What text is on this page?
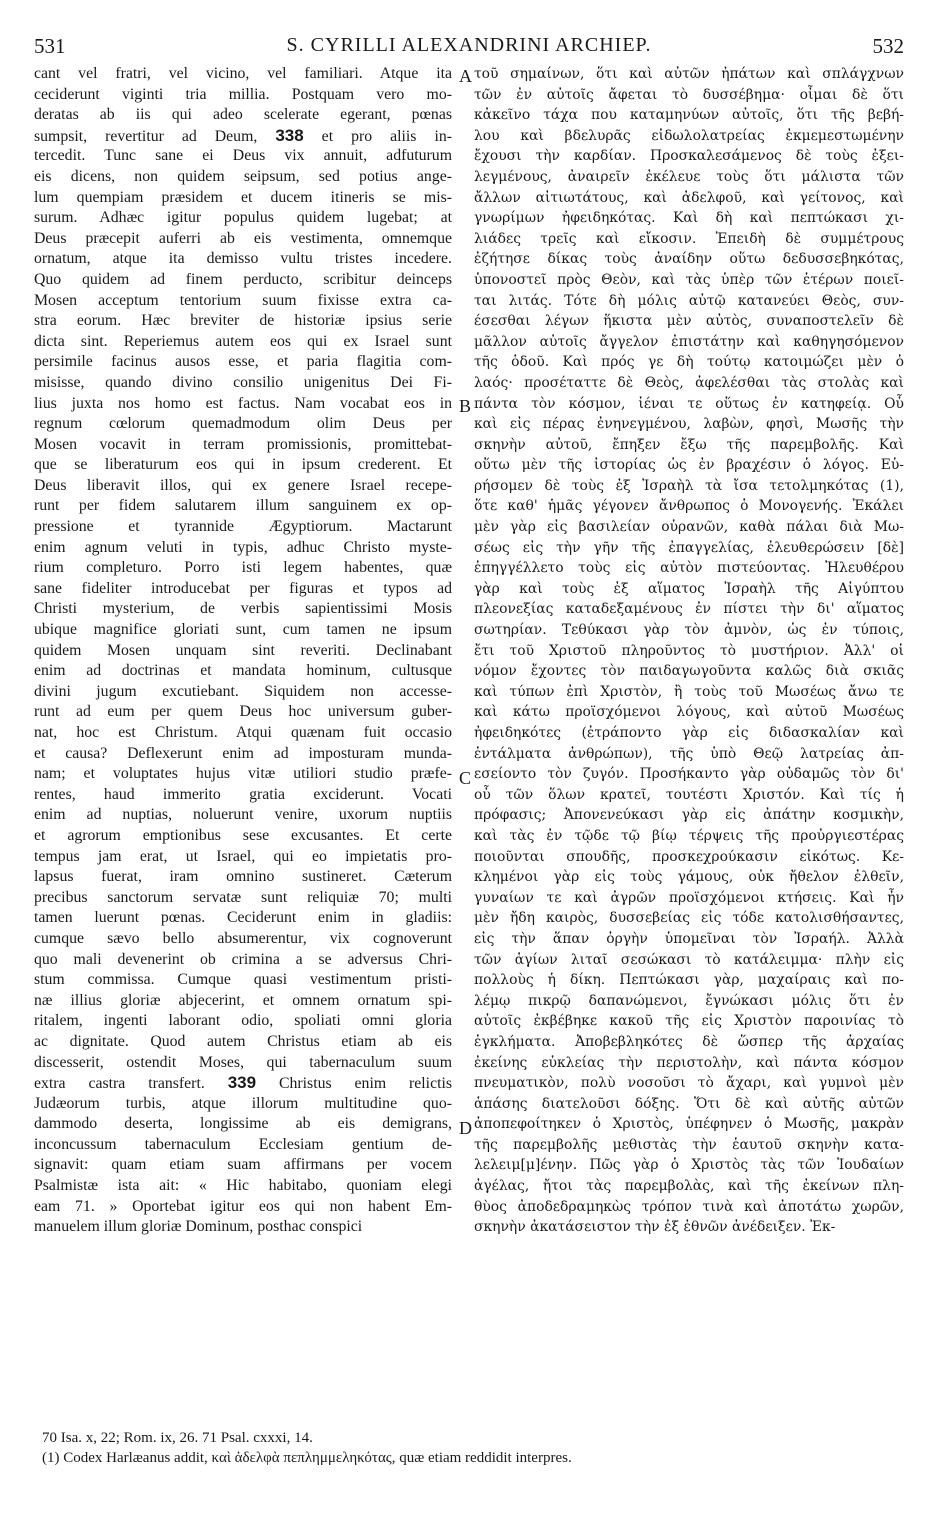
531	S. CYRILLI ALEXANDRINI ARCHIEP.	532
cant vel fratri, vel vicino, vel familiari. Atque ita
ceciderunt viginti tria millia. Postquam vero mo-
deratas ab iis qui adeo scelerate egerant, pœnas
sumpsit, revertitur ad Deum, 338 et pro aliis in-
tercedit. Tunc sane ei Deus vix annuit, adfuturum
eis dicens, non quidem seipsum, sed potius ange-
lum quempiam præsidem et ducem itineris se mis-
surum. Adhæc igitur populus quidem lugebat; at
Deus præcepit auferri ab eis vestimenta, omnemque
ornatum, atque ita demisso vultu tristes incedere.
Quo quidem ad finem perducto, scribitur deinceps
Mosen acceptum tentorium suum fixisse extra ca-
stra eorum. Hæc breviter de historiæ ipsius serie
dicta sint. Reperiemus autem eos qui ex Israel sunt
persimile facinus ausos esse, et paria flagitia com-
misisse, quando divino consilio unigenitus Dei Fi-
lius juxta nos homo est factus. Nam vocabat eos in
regnum cœlorum quemadmodum olim Deus per
Mosen vocavit in terram promissionis, promittebat-
que se liberaturum eos qui in ipsum crederent. Et
Deus liberavit illos, qui ex genere Israel recepe-
runt per fidem salutarem illum sanguinem ex op-
pressione et tyrannide Ægyptiorum. Mactarunt
enim agnum veluti in typis, adhuc Christo myste-
rium completuro. Porro isti legem habentes, quæ
sane fideliter introducebat per figuras et typos ad
Christi mysterium, de verbis sapientissimi Mosis
ubique magnifice gloriati sunt, cum tamen ne ipsum
quidem Mosen unquam sint reveriti. Declinabant
enim ad doctrinas et mandata hominum, cultusque
divini jugum excutiebant. Siquidem non accesse-
runt ad eum per quem Deus hoc universum guber-
nat, hoc est Christum. Atqui quænam fuit occasio
et causa? Deflexerunt enim ad imposturam munda-
nam; et voluptates hujus vitæ utiliori studio præfe-
rentes, haud immerito gratia exciderunt. Vocati
enim ad nuptias, noluerunt venire, uxorum nuptiis
et agrorum emptionibus sese excusantes. Et certe
tempus jam erat, ut Israel, qui eo impietatis pro-
lapsus fuerat, iram omnino sustineret. Cæterum
precibus sanctorum servatæ sunt reliquiæ 70; multi
tamen luerunt pœnas. Ceciderunt enim in gladiis:
cumque sævo bello absumerentur, vix cognoverunt
quo mali devenerint ob crimina a se adversus Chri-
stum commissa. Cumque quasi vestimentum pristi-
næ illius gloriæ abjecerint, et omnem ornatum spi-
ritalem, ingenti laborant odio, spoliati omni gloria
ac dignitate. Quod autem Christus etiam ab eis
discesserit, ostendit Moses, qui tabernaculum suum
extra castra transfert. 339 Christus enim relictis
Judæorum turbis, atque illorum multitudine quo-
dammodo deserta, longissime ab eis demigrans,
inconcussum tabernaculum Ecclesiam gentium de-
signavit: quam etiam suam affirmans per vocem
Psalmistæ ista ait: « Hic habitabo, quoniam elegi
eam 71. » Oportebat igitur eos qui non habent Em-
manuelem illum gloriæ Dominum, posthac conspici
τοῦ σημαίνων, ὅτι καὶ αὐτῶν ἠπάτων καὶ σπλάγχνων
τῶν ἐν αὐτοῖς ἄφεται τὸ δυσσέβημα· οἶμαι δὲ ὅτι
κἀκεῖνο τάχα που καταμηνύων αὐτοῖς, ὅτι τῆς βεβή-
λου καὶ βδελυρᾶς εἰδωλολατρείας ἐκμεμεστωμένην
ἔχουσι τὴν καρδίαν. Προσκαλεσάμενος δὲ τοὺς ἐξει-
λεγμένους, ἀναιρεῖν ἐκέλευε τοὺς ὅτι μάλιστα τῶν
ἄλλων αἰτιωτάτους, καὶ ἀδελφοῦ, καὶ γείτονος, καὶ
γνωρίμων ἠφειδηκότας. Καὶ δὴ καὶ πεπτώκασι χι-
λιάδες τρεῖς καὶ εἴκοσιν. Ἐπειδὴ δὲ συμμέτρους
ἐζήτησε δίκας τοὺς ἀναίδην οὕτω δεδυσσεβηκότας,
ὑπονοστεῖ πρὸς Θεὸν, καὶ τὰς ὑπὲρ τῶν ἑτέρων ποιεῖ-
ται λιτάς. Τότε δὴ μόλις αὐτῷ κατανεύει Θεὸς, συν-
έσεσθαι λέγων ἥκιστα μὲν αὐτὸς, συναποστελεῖν δὲ
μᾶλλον αὐτοῖς ἄγγελον ἐπιστάτην καὶ καθηγησόμενον
τῆς ὁδοῦ. Καὶ πρός γε δὴ τούτῳ κατοιμώζει μὲν ὁ
λαός· προσέταττε δὲ Θεὸς, ἀφελέσθαι τὰς στολὰς καὶ
πάντα τὸν κόσμον, ἰέναι τε οὕτως ἐν κατηφείᾳ. Οὗ
καὶ εἰς πέρας ἐνηνεγμένου, λαβὼν, φησὶ, Μωσῆς τὴν
σκηνὴν αὐτοῦ, ἔπηξεν ἔξω τῆς παρεμβολῆς. Καὶ
οὕτω μὲν τῆς ἱστορίας ὡς ἐν βραχέσιν ὁ λόγος. Εὑ-
ρήσομεν δὲ τοὺς ἐξ Ἰσραὴλ τὰ ἴσα τετολμηκότας (1),
ὅτε καθ' ἡμᾶς γέγονεν ἄνθρωπος ὁ Μονογενής. Ἐκάλει
μὲν γὰρ εἰς βασιλείαν οὐρανῶν, καθὰ πάλαι διὰ Μω-
σέως εἰς τὴν γῆν τῆς ἐπαγγελίας, ἐλευθερώσειν [δὲ]
ἐπηγγέλλετο τοὺς εἰς αὐτὸν πιστεύοντας. Ἠλευθέρου
γὰρ καὶ τοὺς ἐξ αἵματος Ἰσραὴλ τῆς Αἰγύπτου
πλεονεξίας καταδεξαμένους ἐν πίστει τὴν δι' αἵματος
σωτηρίαν. Τεθύκασι γὰρ τὸν ἀμνὸν, ὡς ἐν τύποις,
ἔτι τοῦ Χριστοῦ πληροῦντος τὸ μυστήριον. Ἀλλ' οἱ
νόμον ἔχοντες τὸν παιδαγωγοῦντα καλῶς διὰ σκιᾶς
καὶ τύπων ἐπὶ Χριστὸν, ἢ τοὺς τοῦ Μωσέως ἄνω τε
καὶ κάτω προϊσχόμενοι λόγους, καὶ αὐτοῦ Μωσέως
ἠφειδηκότες (ἐτράποντο γὰρ εἰς διδασκαλίαν καὶ
ἐντάλματα ἀνθρώπων), τῆς ὑπὸ Θεῷ λατρείας ἀπ-
εσείοντο τὸν ζυγόν. Προσήκαντο γὰρ οὐδαμῶς τὸν δι'
οὗ τῶν ὅλων κρατεῖ, τουτέστι Χριστόν. Καὶ τίς ἡ
πρόφασις; Ἀπονενεύκασι γὰρ εἰς ἀπάτην κοσμικὴν,
καὶ τὰς ἐν τῷδε τῷ βίῳ τέρψεις τῆς προὐργιεστέρας
ποιοῦνται σπουδῆς, προσκεχρούκασιν εἰκότως. Κε-
κλημένοι γὰρ εἰς τοὺς γάμους, οὐκ ἤθελον ἐλθεῖν,
γυναίων τε καὶ ἀγρῶν προϊσχόμενοι κτήσεις. Καὶ ἦν
μὲν ἤδη καιρὸς, δυσσεβείας εἰς τόδε κατολισθήσαντες,
εἰς τὴν ἅπαν ὀργὴν ὑπομεῖναι τὸν Ἰσραήλ. Ἀλλὰ
τῶν ἁγίων λιταῖ σεσώκασι τὸ κατάλειμμα· πλὴν εἰς
πολλοὺς ἡ δίκη. Πεπτώκασι γὰρ, μαχαίραις καὶ πο-
λέμῳ πικρῷ δαπανώμενοι, ἔγνώκασι μόλις ὅτι ἐν
αὐτοῖς ἐκβέβηκε κακοῦ τῆς εἰς Χριστὸν παροινίας τὸ
ἐγκλήματα. Ἀποβεβληκότες δὲ ὥσπερ τῆς ἀρχαίας
ἐκείνης εὐκλείας τὴν περιστολὴν, καὶ πάντα κόσμον
πνευματικὸν, πολὺ νοσοῦσι τὸ ἄχαρι, καὶ γυμνοὶ μὲν
ἁπάσης διατελοῦσι δόξης. Ὅτι δὲ καὶ αὐτῆς αὐτῶν
ἀποπεφοίτηκεν ὁ Χριστὸς, ὑπέφηνεν ὁ Μωσῆς, μακρὰν
τῆς παρεμβολῆς μεθιστὰς τὴν ἑαυτοῦ σκηνὴν κατα-
λελειμ[μ]ένην. Πῶς γὰρ ὁ Χριστὸς τὰς τῶν Ἰουδαίων
ἀγέλας, ἤτοι τὰς παρεμβολὰς, καὶ τῆς ἐκείνων πλη-
θὺος ἀποδεδραμηκὼς τρόπον τινὰ καὶ ἀποτάτω χωρῶν,
σκηνὴν ἀκατάσειστον τὴν ἐξ ἐθνῶν ἀνέδειξεν. Ἐκ-
A
B
C
D
70 Isa. x, 22; Rom. ix, 26. 71 Psal. cxxxi, 14.
(1) Codex Harlæanus addit, καὶ ἀδελφὰ πεπλημμεληκότας, quæ etiam reddidit interpres.
